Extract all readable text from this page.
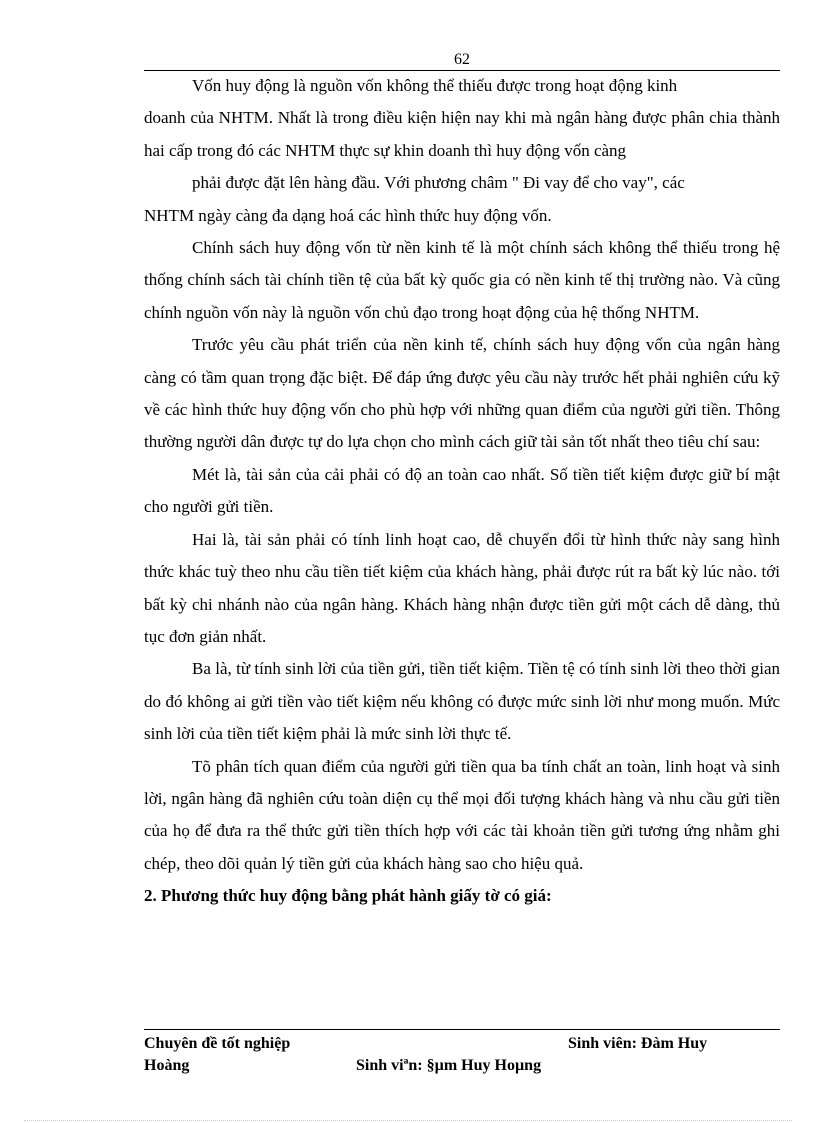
62

Vốn huy động là nguồn vốn không thể thiếu được trong hoạt động kinh

doanh của NHTM. Nhất là trong điều kiện hiện nay khi mà ngân hàng được phân chia thành hai cấp trong đó các NHTM thực sự khin doanh thì huy động vốn càng

phải được đặt lên hàng đầu. Với phương châm " Đi vay để cho vay", các

NHTM ngày càng đa dạng hoá các hình thức huy động vốn.

Chính sách huy động vốn từ nền kinh tế là một chính sách không thể thiếu trong hệ thống chính sách tài chính tiền tệ của bất kỳ quốc gia có nền kinh tế thị trường nào. Và cũng chính nguồn vốn này là nguồn vốn chủ đạo trong hoạt động của hệ thống NHTM.

Trước yêu cầu phát triển của nền kinh tế, chính sách huy động vốn của ngân hàng càng có tầm quan trọng đặc biệt. Để đáp ứng được yêu cầu này trước hết phải nghiên cứu kỹ về các hình thức huy động vốn cho phù hợp với những quan điểm của người gửi tiền. Thông thường người dân được tự do lựa chọn cho mình cách giữ tài sản tốt nhất theo tiêu chí sau:

Mét là, tài sản của cải phải có độ an toàn cao nhất. Số tiền tiết kiệm được giữ bí mật cho người gửi tiền.

Hai là, tài sản phải có tính linh hoạt cao, dễ chuyển đổi từ hình thức này sang hình thức khác tuỳ theo nhu cầu tiền tiết kiệm của khách hàng, phải được rút ra bất kỳ lúc nào. tới bất kỳ chi nhánh nào của ngân hàng. Khách hàng nhận được tiền gửi một cách dễ dàng, thủ tục đơn giản nhất.

Ba là, từ tính sinh lời của tiền gửi, tiền tiết kiệm. Tiền tệ có tính sinh lời theo thời gian do đó không ai gửi tiền vào tiết kiệm nếu không có được mức sinh lời như mong muốn. Mức sinh lời của tiền tiết kiệm phải là mức sinh lời thực tế.

Tõ phân tích quan điểm của người gửi tiền qua ba tính chất an toàn, linh hoạt và sinh lời, ngân hàng đã nghiên cứu toàn diện cụ thể mọi đối tượng khách hàng và nhu cầu gửi tiền của họ để đưa ra thể thức gửi tiền thích hợp với các tài khoản tiền gửi tương ứng nhằm ghi chép, theo dõi quản lý tiền gửi của khách hàng sao cho hiệu quả.

2. Phương thức huy động bằng phát hành giấy tờ có giá:
Chuyên đề tốt nghiệp	Sinh viên: Đàm Huy
Hoàng	Sinh viªn: §µm Huy Hoµng
